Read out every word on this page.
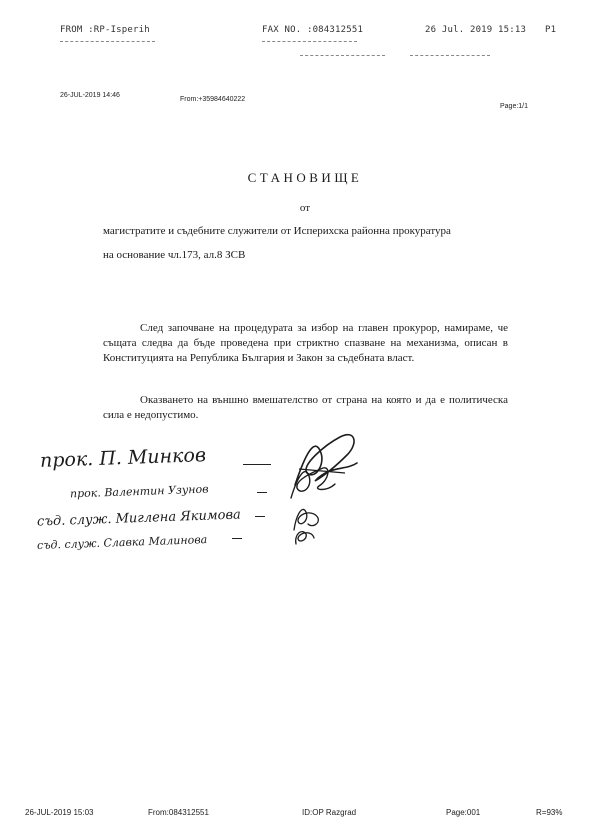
FROM :RP-Isperih	FAX NO. :084312551	26 Jul. 2019 15:13 P1
26-JUL-2019 14:46
From:+35984640222
Page:1/1
СТАНОВИЩЕ
от
магистратите и съдебните служители от Исперихска районна прокуратура
на основание чл.173, ал.8 ЗСВ
След започване на процедурата за избор на главен прокурор, намираме, че същата следва да бъде проведена при стриктно спазване на механизма, описан в Конституцията на Република България и Закон за съдебната власт.
Оказването на външно вмешателство от страна на която и да е политическа сила е недопустимо.
прок. П. Минков
прок. Валентин Узунов
съд. служ. Миглена Якимова
съд. служ. Славка Малинова
26-JUL-2019 15:03	From:084312551	ID:OP Razgrad	Page:001	R=93%
